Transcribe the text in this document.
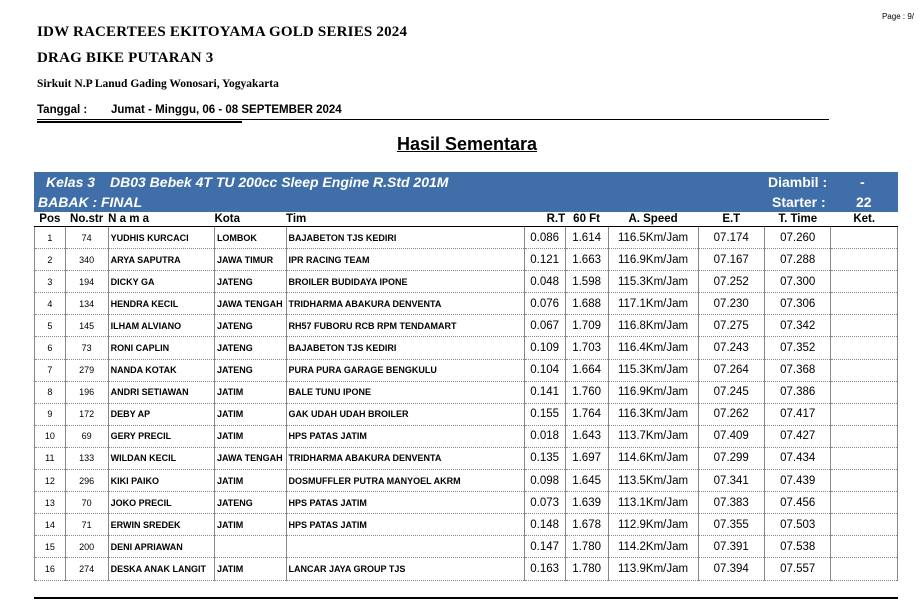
Page : 9/
IDW RACERTEES EKITOYAMA GOLD SERIES 2024
DRAG BIKE PUTARAN 3
Sirkuit N.P Lanud Gading Wonosari, Yogyakarta
Tanggal : Jumat - Minggu, 06 - 08 SEPTEMBER 2024
Hasil Sementara
Kelas 3 DB03 Bebek 4T TU 200cc Sleep Engine R.Std 201M	Diambil : -
BABAK : FINAL	Starter : 22
Pos	No.str	N a m a	Kota	Tim	R.T	60 Ft	A. Speed	E.T	T. Time	Ket.
1	74	YUDHIS KURCACI	LOMBOK	BAJABETON TJS KEDIRI	0.086	1.614	116.5Km/Jam	07.174	07.260	
2	340	ARYA SAPUTRA	JAWA TIMUR	IPR RACING TEAM	0.121	1.663	116.9Km/Jam	07.167	07.288	
3	194	DICKY GA	JATENG	BROILER BUDIDAYA IPONE	0.048	1.598	115.3Km/Jam	07.252	07.300	
4	134	HENDRA KECIL	JAWA TENGAH	TRIDHARMA ABAKURA DENVENTA	0.076	1.688	117.1Km/Jam	07.230	07.306	
5	145	ILHAM ALVIANO	JATENG	RH57 FUBORU RCB RPM TENDAMART	0.067	1.709	116.8Km/Jam	07.275	07.342	
6	73	RONI CAPLIN	JATENG	BAJABETON TJS KEDIRI	0.109	1.703	116.4Km/Jam	07.243	07.352	
7	279	NANDA KOTAK	JATENG	PURA PURA GARAGE BENGKULU	0.104	1.664	115.3Km/Jam	07.264	07.368	
8	196	ANDRI SETIAWAN	JATIM	BALE TUNU IPONE	0.141	1.760	116.9Km/Jam	07.245	07.386	
9	172	DEBY AP	JATIM	GAK UDAH UDAH BROILER	0.155	1.764	116.3Km/Jam	07.262	07.417	
10	69	GERY PRECIL	JATIM	HPS PATAS JATIM	0.018	1.643	113.7Km/Jam	07.409	07.427	
11	133	WILDAN KECIL	JAWA TENGAH	TRIDHARMA ABAKURA DENVENTA	0.135	1.697	114.6Km/Jam	07.299	07.434	
12	296	KIKI PAIKO	JATIM	DOSMUFFLER PUTRA MANYOEL AKRM	0.098	1.645	113.5Km/Jam	07.341	07.439	
13	70	JOKO PRECIL	JATENG	HPS PATAS JATIM	0.073	1.639	113.1Km/Jam	07.383	07.456	
14	71	ERWIN SREDEK	JATIM	HPS PATAS JATIM	0.148	1.678	112.9Km/Jam	07.355	07.503	
15	200	DENI APRIAWAN			0.147	1.780	114.2Km/Jam	07.391	07.538	
16	274	DESKA ANAK LANGIT	JATIM	LANCAR JAYA GROUP TJS	0.163	1.780	113.9Km/Jam	07.394	07.557	
